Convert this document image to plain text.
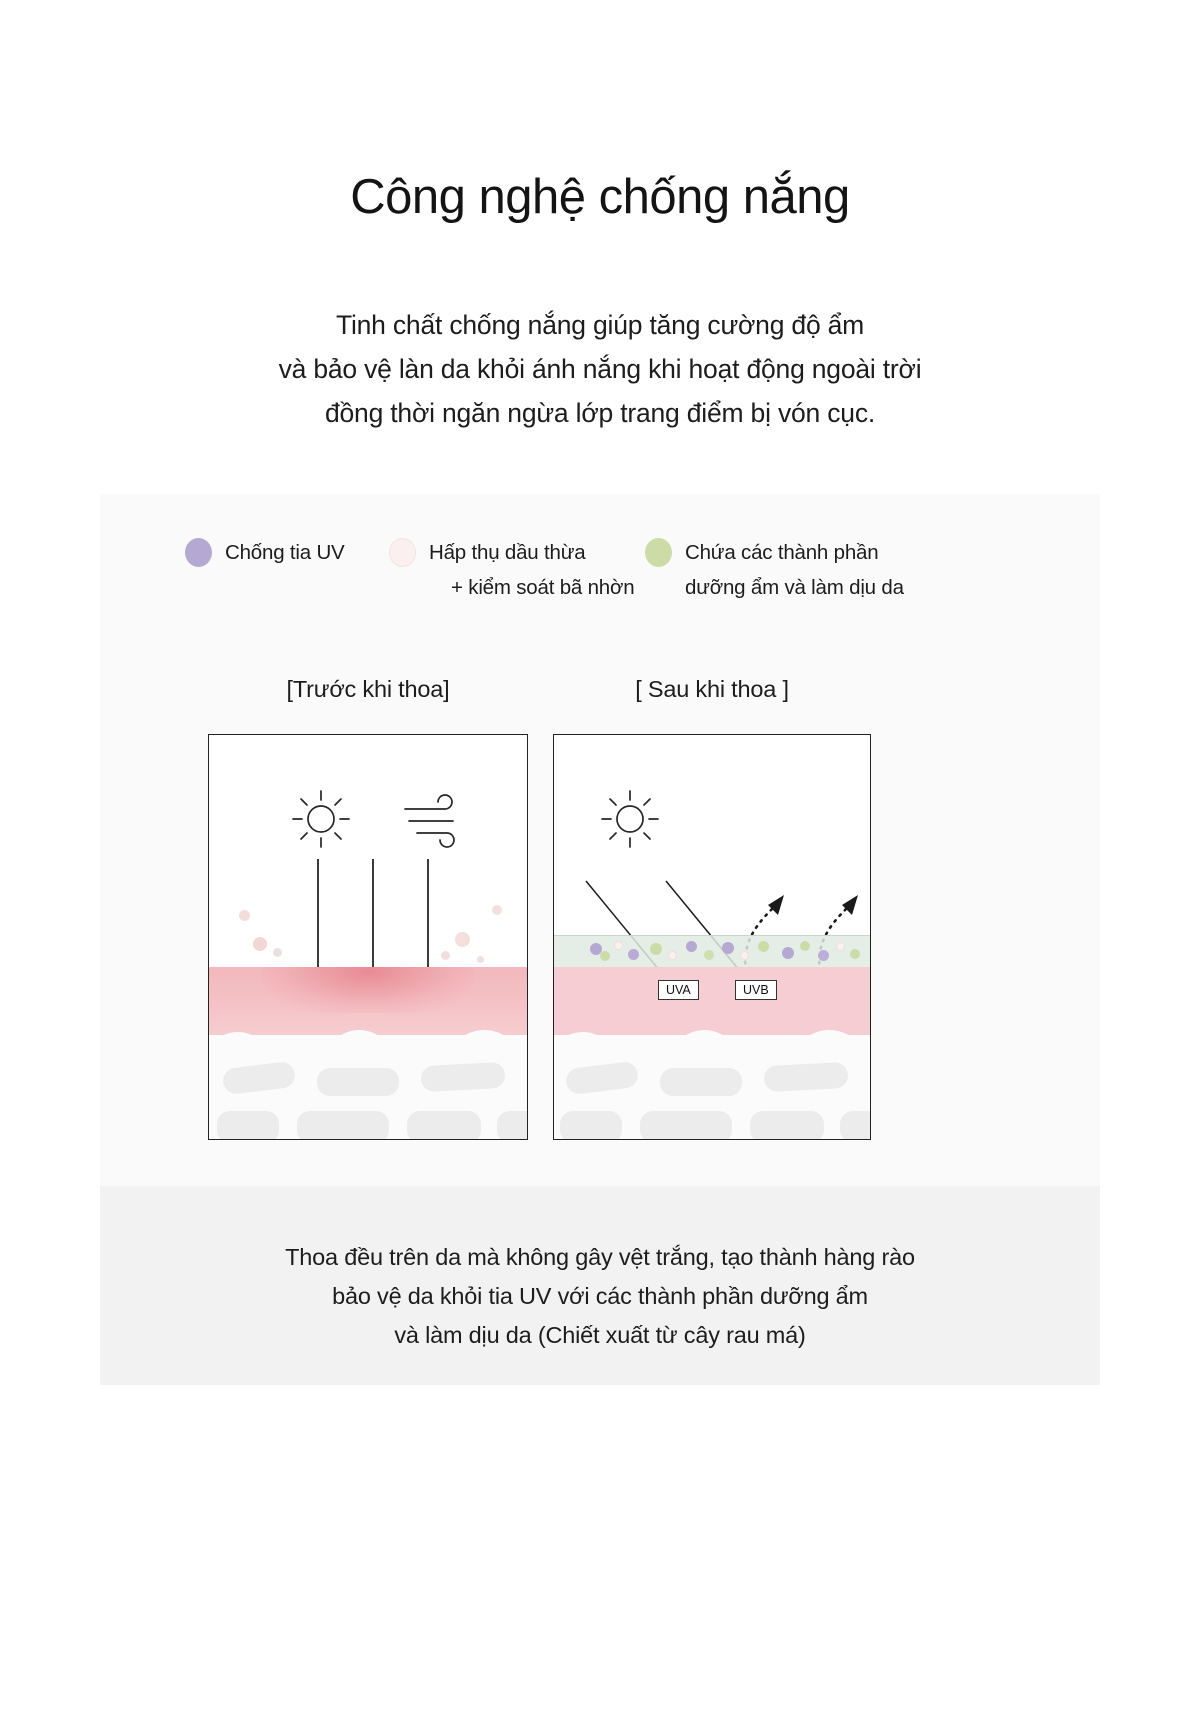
Công nghệ chống nắng
Tinh chất chống nắng giúp tăng cường độ ẩm
và bảo vệ làn da khỏi ánh nắng khi hoạt động ngoài trời
đồng thời ngăn ngừa lớp trang điểm bị vón cục.
Chống tia UV	Hấp thụ dầu thừa
+ kiểm soát bã nhờn
Chứa các thành phần
dưỡng ẩm và làm dịu da
[Trước khi thoa]	[ Sau khi thoa ]
UVA	UVB
Thoa đều trên da mà không gây vệt trắng, tạo thành hàng rào
bảo vệ da khỏi tia UV với các thành phần dưỡng ẩm
và làm dịu da (Chiết xuất từ cây rau má)
